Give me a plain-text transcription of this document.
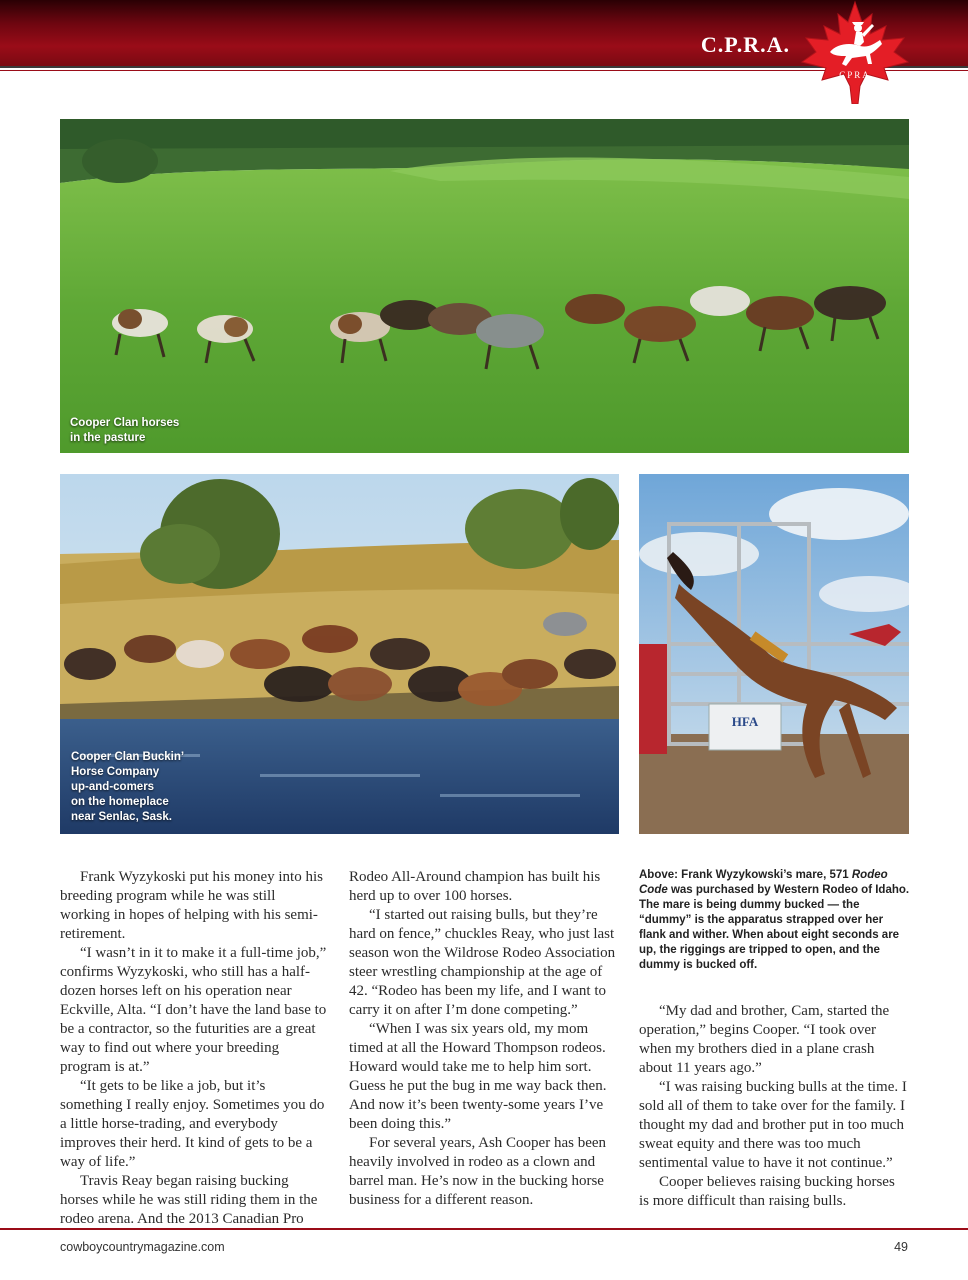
C.P.R.A.
CPRA
Cooper Clan horses
in the pasture
Cooper Clan Buckin’
Horse Company
up-and-comers
on the homeplace
near Senlac, Sask.
HFA

Frank Wyzykoski put his money into his breeding program while he was still working in hopes of helping with his semi-retirement.

“I wasn’t in it to make it a full-time job,” confirms Wyzykoski, who still has a half-dozen horses left on his operation near Eckville, Alta. “I don’t have the land base to be a contractor, so the futurities are a great way to find out where your breeding program is at.”

“It gets to be like a job, but it’s something I really enjoy. Sometimes you do a little horse-trading, and everybody improves their herd. It kind of gets to be a way of life.”

Travis Reay began raising bucking horses while he was still riding them in the rodeo arena. And the 2013 Canadian Pro

Rodeo All-Around champion has built his herd up to over 100 horses.

“I started out raising bulls, but they’re hard on fence,” chuckles Reay, who just last season won the Wildrose Rodeo Association steer wrestling championship at the age of 42. “Rodeo has been my life, and I want to carry it on after I’m done competing.”

“When I was six years old, my mom timed at all the Howard Thompson rodeos. Howard would take me to help him sort. Guess he put the bug in me way back then. And now it’s been twenty-some years I’ve been doing this.”

For several years, Ash Cooper has been heavily involved in rodeo as a clown and barrel man. He’s now in the bucking horse business for a different reason.

Above: Frank Wyzykowski’s mare, 571 Rodeo Code was purchased by Western Rodeo of Idaho. The mare is being dummy bucked — the “dummy” is the apparatus strapped over her flank and wither. When about eight seconds are up, the riggings are tripped to open, and the dummy is bucked off.

“My dad and brother, Cam, started the operation,” begins Cooper. “I took over when my brothers died in a plane crash about 11 years ago.”

“I was raising bucking bulls at the time. I sold all of them to take over for the family. I thought my dad and brother put in too much sweat equity and there was too much sentimental value to have it not continue.”

Cooper believes raising bucking horses is more difficult than raising bulls.

cowboycountrymagazine.com	49
